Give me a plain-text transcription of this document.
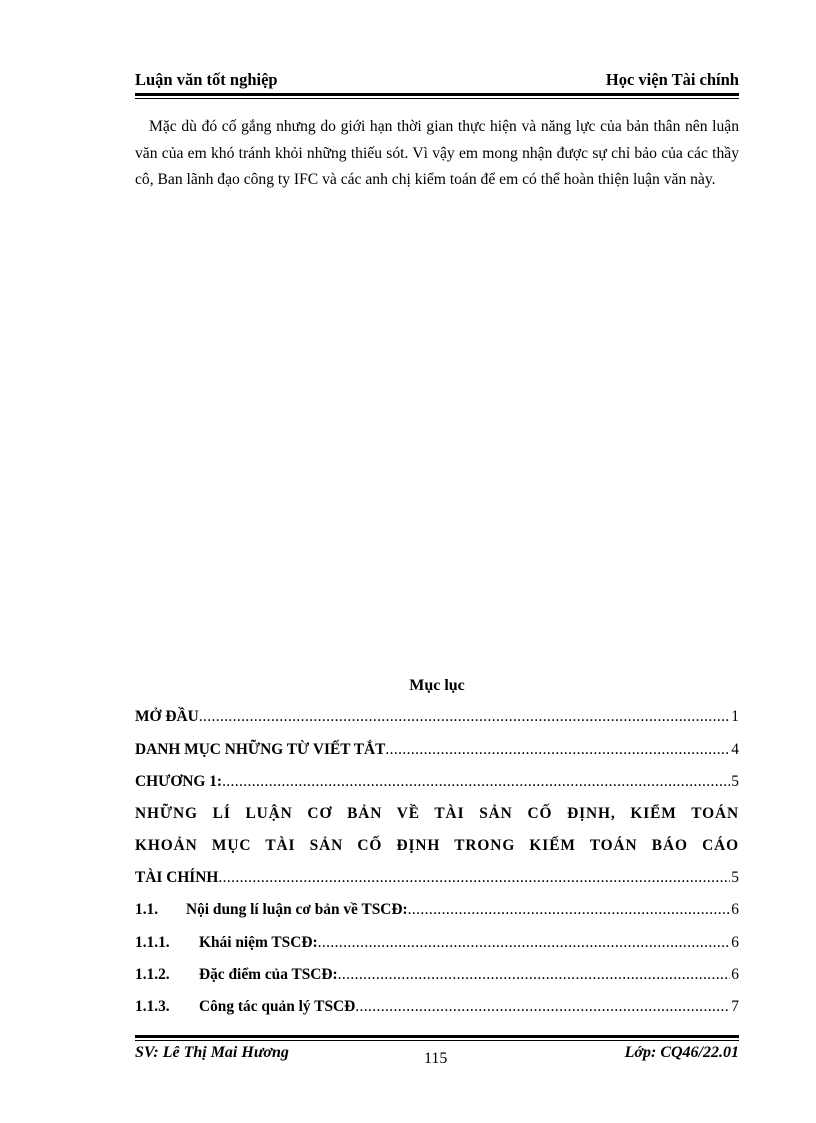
Luận văn tốt nghiệp	Học viện Tài chính
Mặc dù đó cố gắng nhưng do giới hạn thời gian thực hiện và năng lực của bản thân nên luận văn của em khó tránh khỏi những thiếu sót. Vì vậy em mong nhận được sự chỉ bảo của các thầy cô, Ban lãnh đạo công ty IFC và các anh chị kiểm toán để em có thể hoàn thiện luận văn này.
Mục lục
MỞ ĐẦU .....	1
DANH MỤC NHỮNG TỪ VIẾT TẮT .....	4
CHƯƠNG 1: .....	5
NHỮNG LÍ LUẬN CƠ BẢN VỀ TÀI SẢN CỐ ĐỊNH, KIỂM TOÁN
KHOẢN MỤC TÀI SẢN CỐ ĐỊNH TRONG KIỂM TOÁN BÁO CÁO
TÀI CHÍNH .....	5
1.1.	Nội dung lí luận cơ bản về TSCĐ: .....	6
1.1.1.	Khái niệm TSCĐ: .....	6
1.1.2.	Đặc điểm của TSCĐ: .....	6
1.1.3.	Công tác quản lý TSCĐ .....	7
SV: Lê Thị Mai Hương	115	Lớp: CQ46/22.01
